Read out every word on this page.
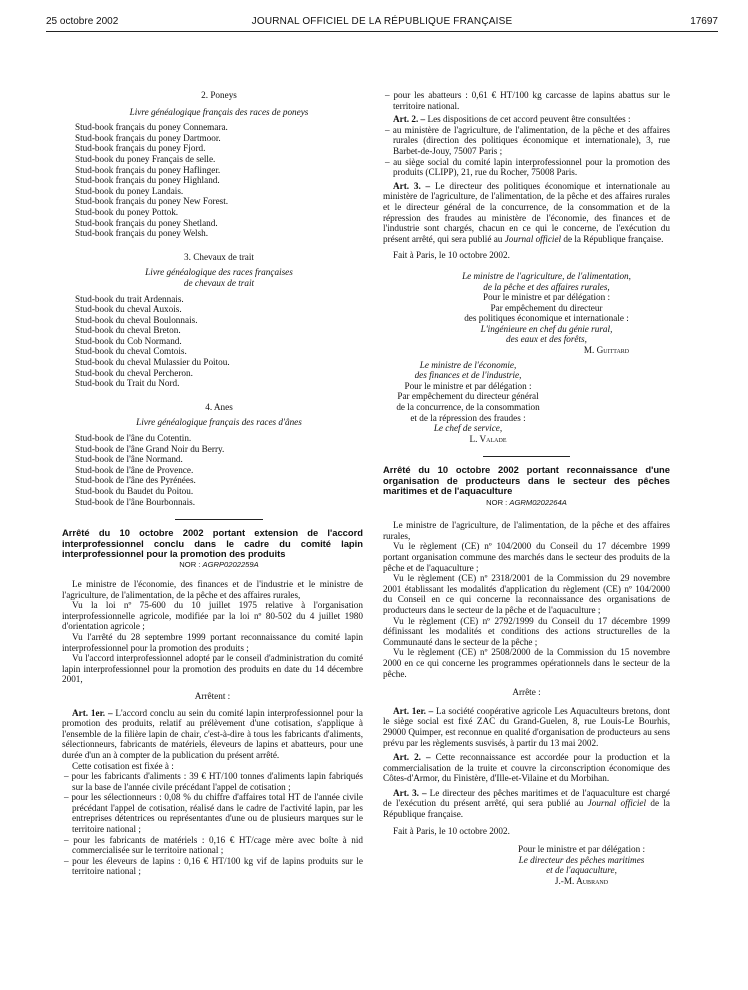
25 octobre 2002	JOURNAL OFFICIEL DE LA RÉPUBLIQUE FRANÇAISE	17697
2. Poneys
Livre généalogique français des races de poneys
Stud-book français du poney Connemara.
Stud-book français du poney Dartmoor.
Stud-book français du poney Fjord.
Stud-book du poney Français de selle.
Stud-book français du poney Haflinger.
Stud-book français du poney Highland.
Stud-book du poney Landais.
Stud-book français du poney New Forest.
Stud-book du poney Pottok.
Stud-book français du poney Shetland.
Stud-book français du poney Welsh.
3. Chevaux de trait
Livre généalogique des races françaises
de chevaux de trait
Stud-book du trait Ardennais.
Stud-book du cheval Auxois.
Stud-book du cheval Boulonnais.
Stud-book du cheval Breton.
Stud-book du Cob Normand.
Stud-book du cheval Comtois.
Stud-book du cheval Mulassier du Poitou.
Stud-book du cheval Percheron.
Stud-book du Trait du Nord.
4. Anes
Livre généalogique français des races d'ânes
Stud-book de l'âne du Cotentin.
Stud-book de l'âne Grand Noir du Berry.
Stud-book de l'âne Normand.
Stud-book de l'âne de Provence.
Stud-book de l'âne des Pyrénées.
Stud-book du Baudet du Poitou.
Stud-book de l'âne Bourbonnais.
Arrêté du 10 octobre 2002 portant extension de l'accord interprofessionnel conclu dans le cadre du comité lapin interprofessionnel pour la promotion des produits
NOR : AGRP0202259A

Le ministre de l'économie, des finances et de l'industrie et le ministre de l'agriculture, de l'alimentation, de la pêche et des affaires rurales,

Vu la loi nº 75-600 du 10 juillet 1975 relative à l'organisation interprofessionnelle agricole, modifiée par la loi nº 80-502 du 4 juillet 1980 d'orientation agricole ;

Vu l'arrêté du 28 septembre 1999 portant reconnaissance du comité lapin interprofessionnel pour la promotion des produits ;

Vu l'accord interprofessionnel adopté par le conseil d'administration du comité lapin interprofessionnel pour la promotion des produits en date du 14 décembre 2001,

Arrêtent :

Art. 1er. – L'accord conclu au sein du comité lapin interprofessionnel pour la promotion des produits, relatif au prélèvement d'une cotisation, s'applique à l'ensemble de la filière lapin de chair, c'est-à-dire à tous les fabricants d'aliments, sélectionneurs, fabricants de matériels, éleveurs de lapins et abatteurs, pour une durée d'un an à compter de la publication du présent arrêté.

Cette cotisation est fixée à :

– pour les fabricants d'aliments : 39 € HT/100 tonnes d'aliments lapin fabriqués sur la base de l'année civile précédant l'appel de cotisation ;
– pour les sélectionneurs : 0,08 % du chiffre d'affaires total HT de l'année civile précédant l'appel de cotisation, réalisé dans le cadre de l'activité lapin, par les entreprises détentrices ou représentantes d'une ou de plusieurs marques sur le territoire national ;
– pour les fabricants de matériels : 0,16 € HT/cage mère avec boîte à nid commercialisée sur le territoire national ;
– pour les éleveurs de lapins : 0,16 € HT/100 kg vif de lapins produits sur le territoire national ;

– pour les abatteurs : 0,61 € HT/100 kg carcasse de lapins abattus sur le territoire national.

Art. 2. – Les dispositions de cet accord peuvent être consultées :

– au ministère de l'agriculture, de l'alimentation, de la pêche et des affaires rurales (direction des politiques économique et internationale), 3, rue Barbet-de-Jouy, 75007 Paris ;
– au siège social du comité lapin interprofessionnel pour la promotion des produits (CLIPP), 21, rue du Rocher, 75008 Paris.

Art. 3. – Le directeur des politiques économique et internationale au ministère de l'agriculture, de l'alimentation, de la pêche et des affaires rurales et le directeur général de la concurrence, de la consommation et de la répression des fraudes au ministère de l'économie, des finances et de l'industrie sont chargés, chacun en ce qui le concerne, de l'exécution du présent arrêté, qui sera publié au Journal officiel de la République française.

Fait à Paris, le 10 octobre 2002.

Le ministre de l'agriculture, de l'alimentation,
de la pêche et des affaires rurales,
Pour le ministre et par délégation :
Par empêchement du directeur
des politiques économique et internationale :
L'ingénieure en chef du génie rural,
des eaux et des forêts,
M. Guittard
Le ministre de l'économie,
des finances et de l'industrie,
Pour le ministre et par délégation :
Par empêchement du directeur général
de la concurrence, de la consommation
et de la répression des fraudes :
Le chef de service,
L. Valade
Arrêté du 10 octobre 2002 portant reconnaissance d'une organisation de producteurs dans le secteur des pêches maritimes et de l'aquaculture
NOR : AGRM0202264A

Le ministre de l'agriculture, de l'alimentation, de la pêche et des affaires rurales,

Vu le règlement (CE) nº 104/2000 du Conseil du 17 décembre 1999 portant organisation commune des marchés dans le secteur des produits de la pêche et de l'aquaculture ;

Vu le règlement (CE) nº 2318/2001 de la Commission du 29 novembre 2001 établissant les modalités d'application du règlement (CE) nº 104/2000 du Conseil en ce qui concerne la reconnaissance des organisations de producteurs dans le secteur de la pêche et de l'aquaculture ;

Vu le règlement (CE) nº 2792/1999 du Conseil du 17 décembre 1999 définissant les modalités et conditions des actions structurelles de la Communauté dans le secteur de la pêche ;

Vu le règlement (CE) nº 2508/2000 de la Commission du 15 novembre 2000 en ce qui concerne les programmes opérationnels dans le secteur de la pêche.

Arrête :

Art. 1er. – La société coopérative agricole Les Aquaculteurs bretons, dont le siège social est fixé ZAC du Grand-Guelen, 8, rue Louis-Le Bourhis, 29000 Quimper, est reconnue en qualité d'organisation de producteurs au sens prévu par les règlements susvisés, à partir du 13 mai 2002.

Art. 2. – Cette reconnaissance est accordée pour la production et la commercialisation de la truite et couvre la circonscription économique des Côtes-d'Armor, du Finistère, d'Ille-et-Vilaine et du Morbihan.

Art. 3. – Le directeur des pêches maritimes et de l'aquaculture est chargé de l'exécution du présent arrêté, qui sera publié au Journal officiel de la République française.

Fait à Paris, le 10 octobre 2002.

Pour le ministre et par délégation :
Le directeur des pêches maritimes
et de l'aquaculture,
J.-M. Aubrand
